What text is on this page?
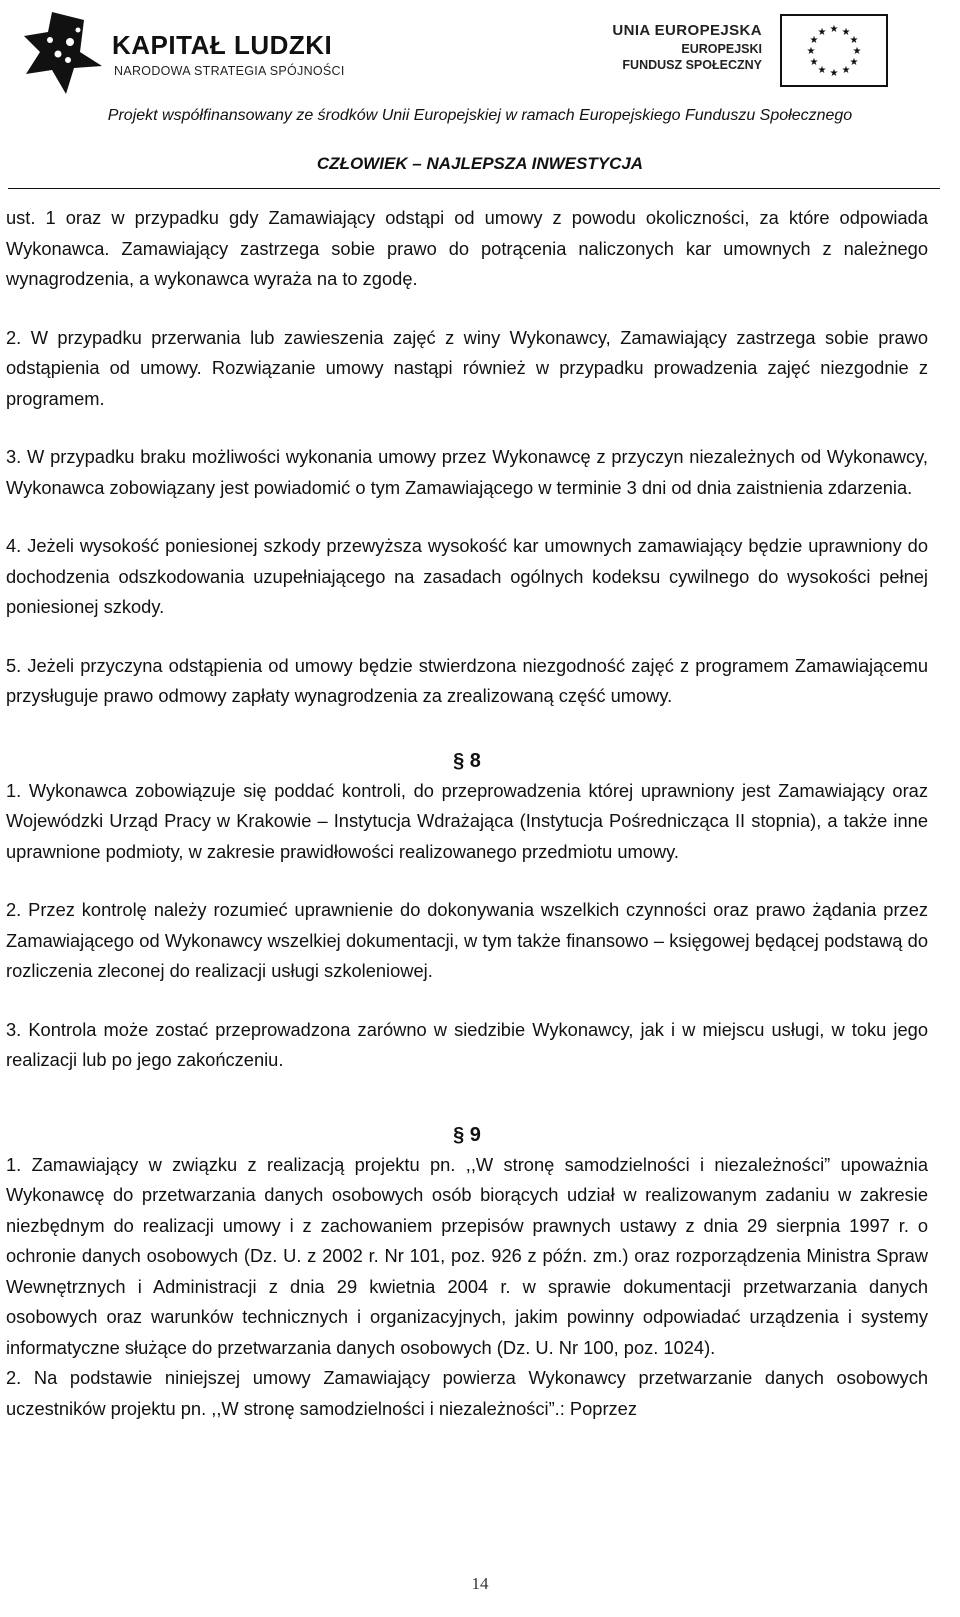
KAPITAŁ LUDZKI
NARODOWA STRATEGIA SPÓJNOŚCI
UNIA EUROPEJSKA
EUROPEJSKI
FUNDUSZ SPOŁECZNY
★ ★
★
★
★
★
★
★
★
★
★
★
Projekt współfinansowany ze środków Unii Europejskiej w ramach Europejskiego Funduszu Społecznego
CZŁOWIEK – NAJLEPSZA INWESTYCJA

ust. 1 oraz w przypadku gdy Zamawiający odstąpi od umowy z powodu okoliczności, za które odpowiada Wykonawca. Zamawiający zastrzega sobie prawo do potrącenia naliczonych kar umownych z należnego wynagrodzenia, a wykonawca wyraża na to zgodę.

2. W przypadku przerwania lub zawieszenia zajęć z winy Wykonawcy, Zamawiający zastrzega sobie prawo odstąpienia od umowy. Rozwiązanie umowy nastąpi również w przypadku prowadzenia zajęć niezgodnie z programem.

3. W przypadku braku możliwości wykonania umowy przez Wykonawcę z przyczyn niezależnych od Wykonawcy, Wykonawca zobowiązany jest powiadomić o tym Zamawiającego w terminie 3 dni od dnia zaistnienia zdarzenia.

4. Jeżeli wysokość poniesionej szkody przewyższa wysokość kar umownych zamawiający będzie uprawniony do dochodzenia odszkodowania uzupełniającego na zasadach ogólnych kodeksu cywilnego do wysokości pełnej poniesionej szkody.

5. Jeżeli przyczyna odstąpienia od umowy będzie stwierdzona niezgodność zajęć z programem Zamawiającemu przysługuje prawo odmowy zapłaty wynagrodzenia za zrealizowaną część umowy.

§ 8

1. Wykonawca zobowiązuje się poddać kontroli, do przeprowadzenia której uprawniony jest Zamawiający oraz Wojewódzki Urząd Pracy w Krakowie – Instytucja Wdrażająca (Instytucja Pośrednicząca II stopnia), a także inne uprawnione podmioty, w zakresie prawidłowości realizowanego przedmiotu umowy.

2. Przez kontrolę należy rozumieć uprawnienie do dokonywania wszelkich czynności oraz prawo żądania przez Zamawiającego od Wykonawcy wszelkiej dokumentacji, w tym także finansowo – księgowej będącej podstawą do rozliczenia zleconej do realizacji usługi szkoleniowej.

3. Kontrola może zostać przeprowadzona zarówno w siedzibie Wykonawcy, jak i w miejscu usługi, w toku jego realizacji lub po jego zakończeniu.

§ 9

1. Zamawiający w związku z realizacją projektu pn. ,,W stronę samodzielności i niezależności” upoważnia Wykonawcę do przetwarzania danych osobowych osób biorących udział w realizowanym zadaniu w zakresie niezbędnym do realizacji umowy i z zachowaniem przepisów prawnych ustawy z dnia 29 sierpnia 1997 r. o ochronie danych osobowych (Dz. U. z 2002 r. Nr 101, poz. 926 z późn. zm.) oraz rozporządzenia Ministra Spraw Wewnętrznych i Administracji z dnia 29 kwietnia 2004 r. w sprawie dokumentacji przetwarzania danych osobowych oraz warunków technicznych i organizacyjnych, jakim powinny odpowiadać urządzenia i systemy informatyczne służące do przetwarzania danych osobowych (Dz. U. Nr 100, poz. 1024).

2. Na podstawie niniejszej umowy Zamawiający powierza Wykonawcy przetwarzanie danych osobowych uczestników projektu pn. ,,W stronę samodzielności i niezależności”.: Poprzez

14
